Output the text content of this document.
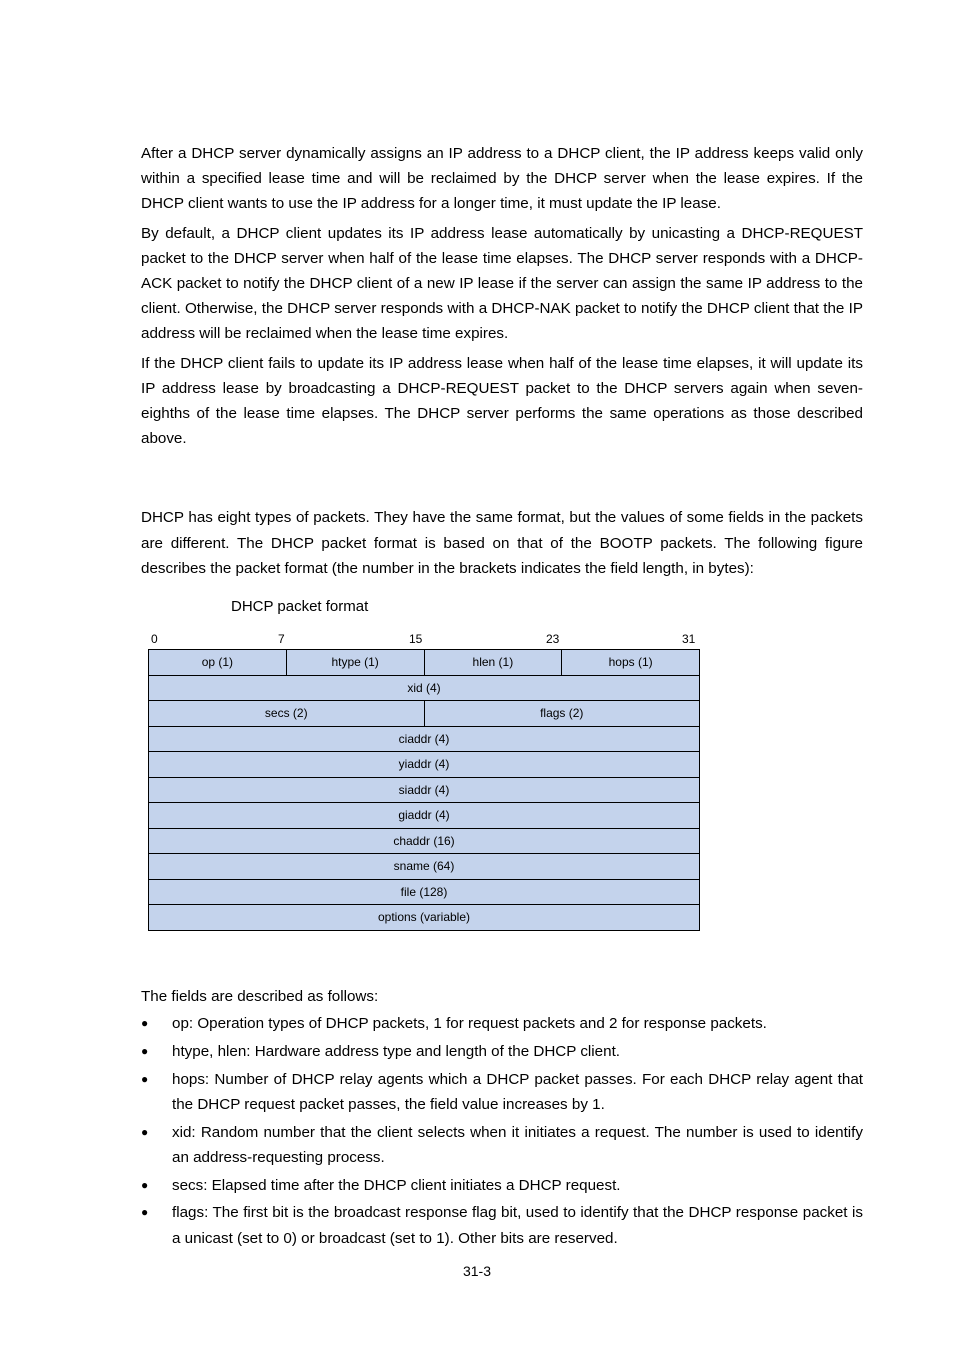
After a DHCP server dynamically assigns an IP address to a DHCP client, the IP address keeps valid only within a specified lease time and will be reclaimed by the DHCP server when the lease expires. If the DHCP client wants to use the IP address for a longer time, it must update the IP lease.

By default, a DHCP client updates its IP address lease automatically by unicasting a DHCP-REQUEST packet to the DHCP server when half of the lease time elapses. The DHCP server responds with a DHCP-ACK packet to notify the DHCP client of a new IP lease if the server can assign the same IP address to the client. Otherwise, the DHCP server responds with a DHCP-NAK packet to notify the DHCP client that the IP address will be reclaimed when the lease time expires.

If the DHCP client fails to update its IP address lease when half of the lease time elapses, it will update its IP address lease by broadcasting a DHCP-REQUEST packet to the DHCP servers again when seven-eighths of the lease time elapses. The DHCP server performs the same operations as those described above.

DHCP has eight types of packets. They have the same format, but the values of some fields in the packets are different. The DHCP packet format is based on that of the BOOTP packets. The following figure describes the packet format (the number in the brackets indicates the field length, in bytes):

DHCP packet format
0	7	15	23	31
op (1)	htype (1)	hlen (1)	hops (1)
xid (4)
secs (2)	flags (2)
ciaddr (4)
yiaddr (4)
siaddr (4)
giaddr (4)
chaddr (16)
sname (64)
file (128)
options (variable)
The fields are described as follows:
● op: Operation types of DHCP packets, 1 for request packets and 2 for response packets.
● htype, hlen: Hardware address type and length of the DHCP client.
● hops: Number of DHCP relay agents which a DHCP packet passes. For each DHCP relay agent that the DHCP request packet passes, the field value increases by 1.
● xid: Random number that the client selects when it initiates a request. The number is used to identify an address-requesting process.
● secs: Elapsed time after the DHCP client initiates a DHCP request.
● flags: The first bit is the broadcast response flag bit, used to identify that the DHCP response packet is a unicast (set to 0) or broadcast (set to 1). Other bits are reserved.
31-3
